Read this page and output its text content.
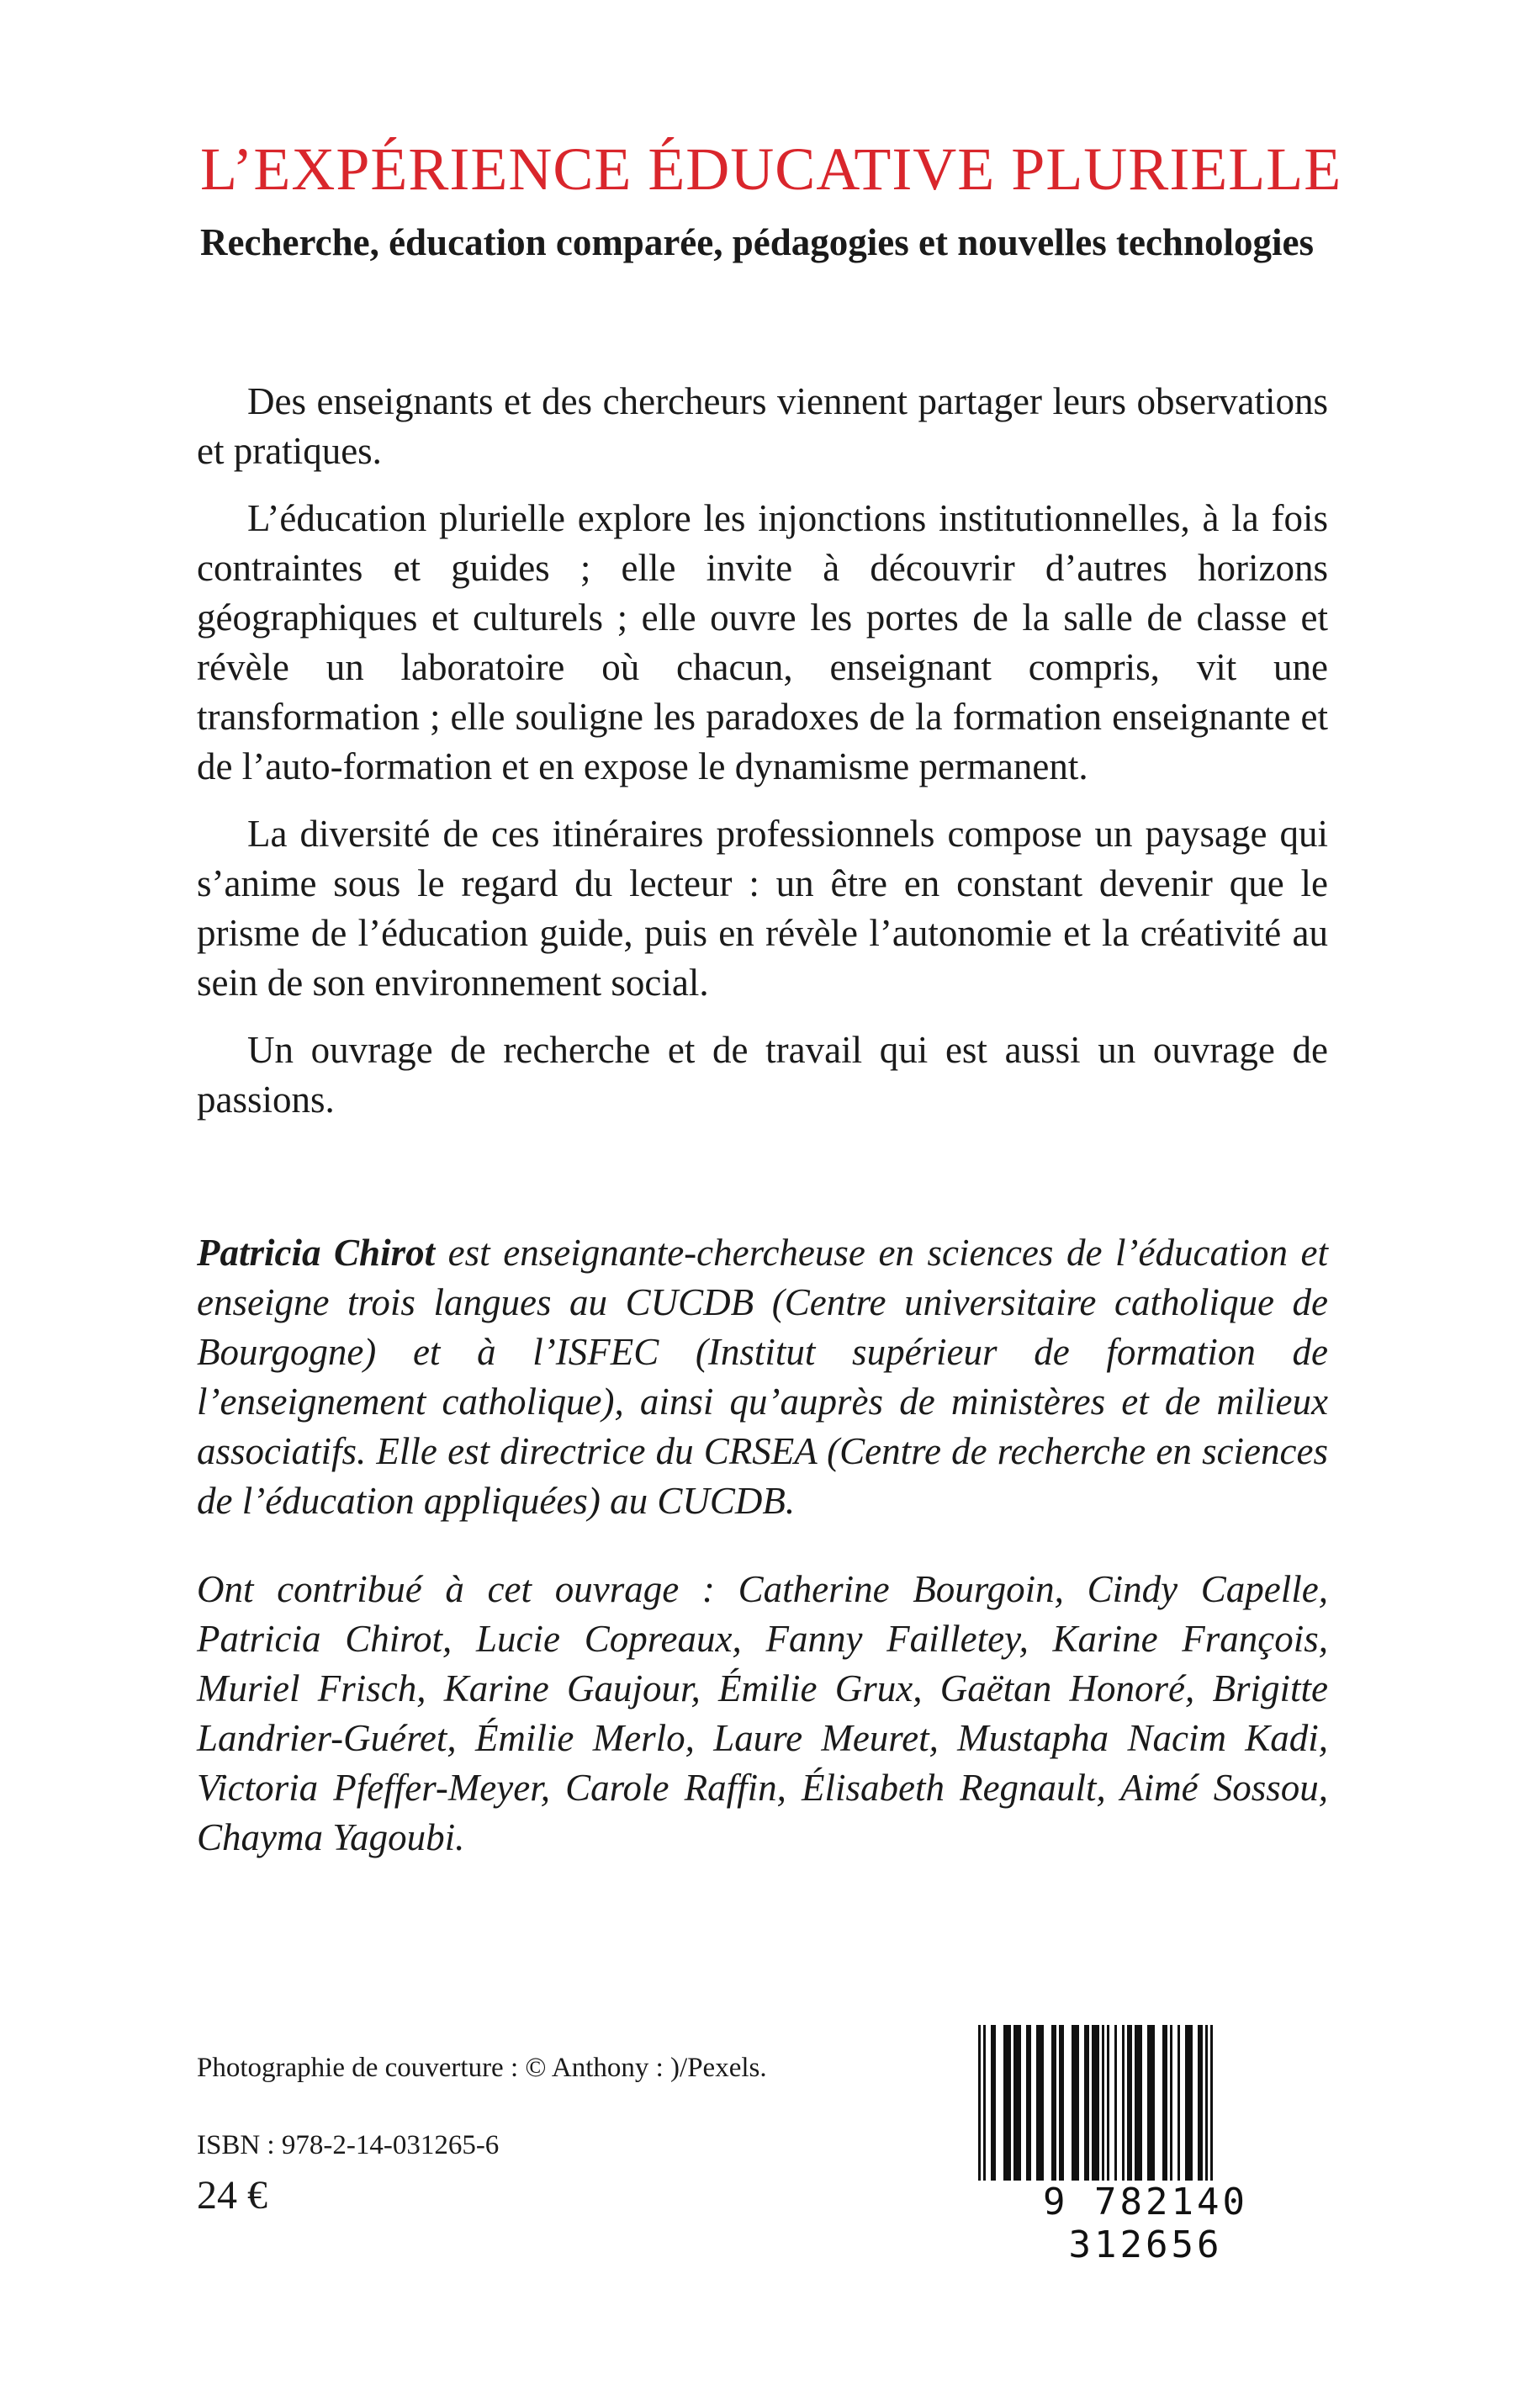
L’EXPÉRIENCE ÉDUCATIVE PLURIELLE
Recherche, éducation comparée, pédagogies et nouvelles technologies

Des enseignants et des chercheurs viennent partager leurs observations et pratiques.

L’éducation plurielle explore les injonctions institutionnelles, à la fois contraintes et guides ; elle invite à découvrir d’autres horizons géographiques et culturels ; elle ouvre les portes de la salle de classe et révèle un laboratoire où chacun, enseignant compris, vit une transformation ; elle souligne les paradoxes de la formation enseignante et de l’auto-formation et en expose le dynamisme permanent.

La diversité de ces itinéraires professionnels compose un paysage qui s’anime sous le regard du lecteur : un être en constant devenir que le prisme de l’éducation guide, puis en révèle l’autonomie et la créativité au sein de son environnement social.

Un ouvrage de recherche et de travail qui est aussi un ouvrage de passions.

Patricia Chirot est enseignante-chercheuse en sciences de l’éducation et enseigne trois langues au CUCDB (Centre universitaire catholique de Bourgogne) et à l’ISFEC (Institut supérieur de formation de l’enseignement catholique), ainsi qu’auprès de ministères et de milieux associatifs. Elle est directrice du CRSEA (Centre de recherche en sciences de l’éducation appliquées) au CUCDB.

Ont contribué à cet ouvrage : Catherine Bourgoin, Cindy Capelle, Patricia Chirot, Lucie Copreaux, Fanny Failletey, Karine François, Muriel Frisch, Karine Gaujour, Émilie Grux, Gaëtan Honoré, Brigitte Landrier-Guéret, Émilie Merlo, Laure Meuret, Mustapha Nacim Kadi, Victoria Pfeffer-Meyer, Carole Raffin, Élisabeth Regnault, Aimé Sossou, Chayma Yagoubi.

Photographie de couverture : © Anthony : )/Pexels.

ISBN : 978-2-14-031265-6

24 €	9 782140 312656
